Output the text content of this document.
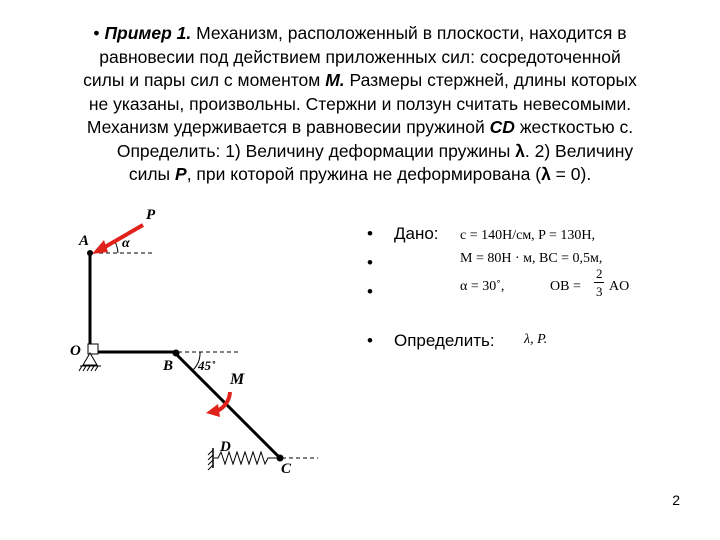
• Пример 1. Механизм, расположенный в плоскости, находится в
равновесии под действием приложенных сил: сосредоточенной
силы и пары сил с моментом М. Размеры стержней, длины которых
не указаны, произвольны. Стержни и ползун считать невесомыми.
Механизм удерживается в равновесии пружиной CD жесткостью с.
Определить: 1) Величину деформации пружины λ. 2) Величину
силы Р, при которой пружина не деформирована (λ = 0).
P
A α
O
B 45˚
M
D
C
• Дано: c = 140Н/см, P = 130Н,
•	M = 80Н · м, BC = 0,5м,
•	α = 30˚,	OB =
2
3 AO
• Определить: λ, P.
2
